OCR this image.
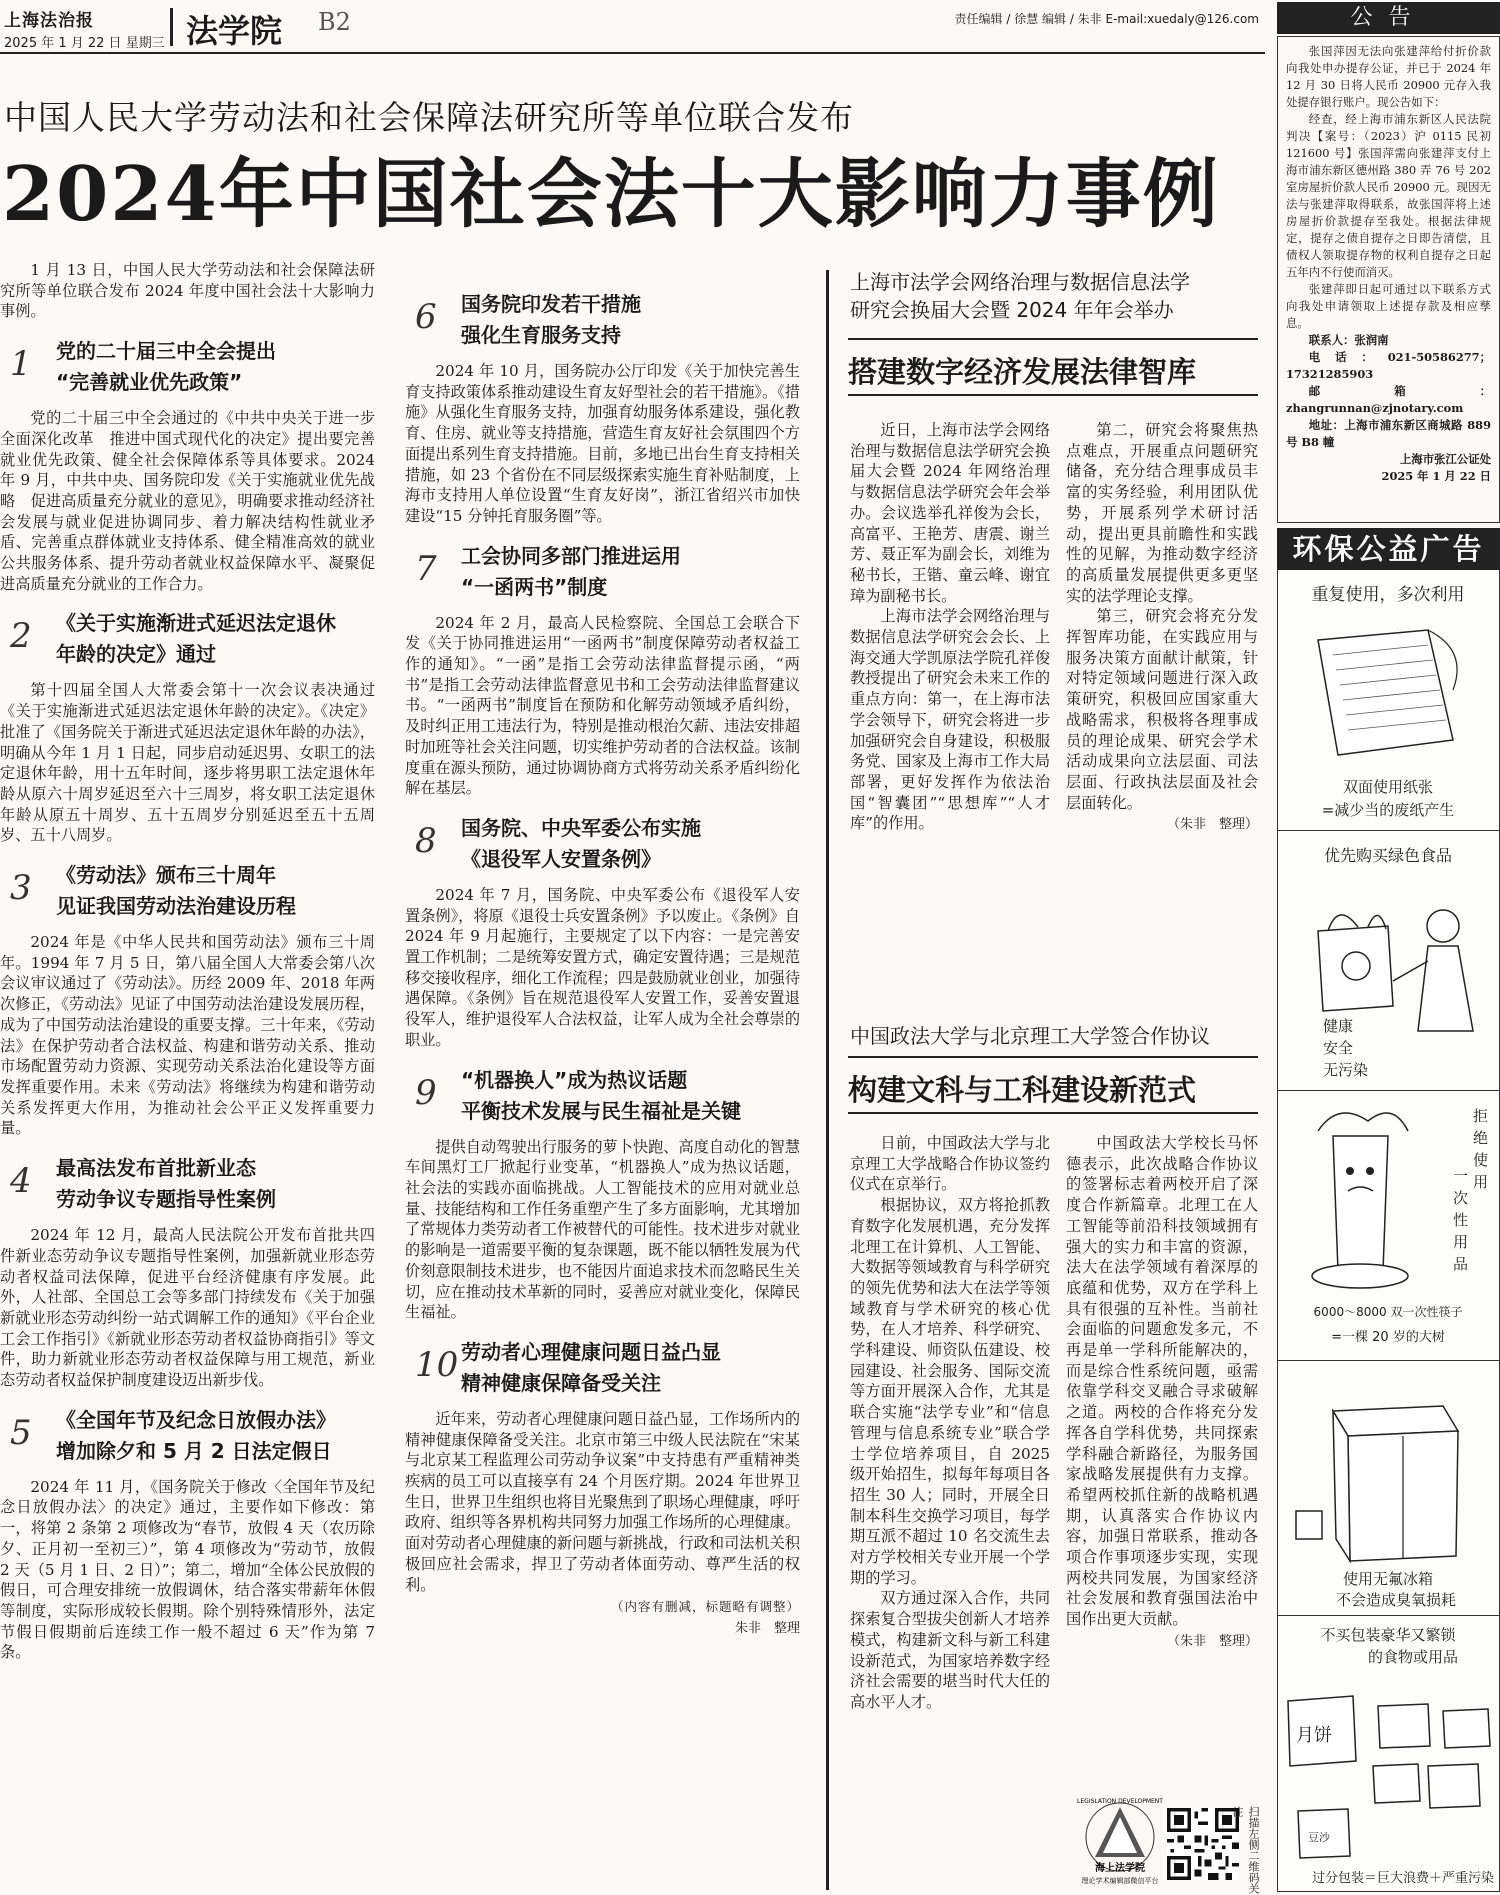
上海法治报
2025 年 1 月 22 日 星期三 法学院 B2	责任编辑 / 徐慧 编辑 / 朱非 E-mail:xuedaly@126.com
中国人民大学劳动法和社会保障法研究所等单位联合发布
2024年中国社会法十大影响力事例

1 月 13 日，中国人民大学劳动法和社会保障法研究所等单位联合发布 2024 年度中国社会法十大影响力事例。

1	党的二十届三中全会提出
“完善就业优先政策”

党的二十届三中全会通过的《中共中央关于进一步全面深化改革　推进中国式现代化的决定》提出要完善就业优先政策、健全社会保障体系等具体要求。2024 年 9 月，中共中央、国务院印发《关于实施就业优先战略　促进高质量充分就业的意见》，明确要求推动经济社会发展与就业促进协调同步、着力解决结构性就业矛盾、完善重点群体就业支持体系、健全精准高效的就业公共服务体系、提升劳动者就业权益保障水平、凝聚促进高质量充分就业的工作合力。

2	《关于实施渐进式延迟法定退休
年龄的决定》通过

第十四届全国人大常委会第十一次会议表决通过《关于实施渐进式延迟法定退休年龄的决定》。《决定》批准了《国务院关于渐进式延迟法定退休年龄的办法》，明确从今年 1 月 1 日起，同步启动延迟男、女职工的法定退休年龄，用十五年时间，逐步将男职工法定退休年龄从原六十周岁延迟至六十三周岁，将女职工法定退休年龄从原五十周岁、五十五周岁分别延迟至五十五周岁、五十八周岁。

3	《劳动法》颁布三十周年
见证我国劳动法治建设历程

2024 年是《中华人民共和国劳动法》颁布三十周年。1994 年 7 月 5 日，第八届全国人大常委会第八次会议审议通过了《劳动法》。历经 2009 年、2018 年两次修正，《劳动法》见证了中国劳动法治建设发展历程，成为了中国劳动法治建设的重要支撑。三十年来，《劳动法》在保护劳动者合法权益、构建和谐劳动关系、推动市场配置劳动力资源、实现劳动关系法治化建设等方面发挥重要作用。未来《劳动法》将继续为构建和谐劳动关系发挥更大作用，为推动社会公平正义发挥重要力量。

4	最高法发布首批新业态
劳动争议专题指导性案例

2024 年 12 月，最高人民法院公开发布首批共四件新业态劳动争议专题指导性案例，加强新就业形态劳动者权益司法保障，促进平台经济健康有序发展。此外，人社部、全国总工会等多部门持续发布《关于加强新就业形态劳动纠纷一站式调解工作的通知》《平台企业工会工作指引》《新就业形态劳动者权益协商指引》等文件，助力新就业形态劳动者权益保障与用工规范，新业态劳动者权益保护制度建设迈出新步伐。

5	《全国年节及纪念日放假办法》
增加除夕和 5 月 2 日法定假日

2024 年 11 月，《国务院关于修改〈全国年节及纪念日放假办法〉的决定》通过，主要作如下修改：第一，将第 2 条第 2 项修改为“春节，放假 4 天（农历除夕、正月初一至初三）”，第 4 项修改为“劳动节，放假 2 天（5 月 1 日、2 日）”；第二，增加“全体公民放假的假日，可合理安排统一放假调休，结合落实带薪年休假等制度，实际形成较长假期。除个别特殊情形外，法定节假日假期前后连续工作一般不超过 6 天”作为第 7 条。

6	国务院印发若干措施
强化生育服务支持

2024 年 10 月，国务院办公厅印发《关于加快完善生育支持政策体系推动建设生育友好型社会的若干措施》。《措施》从强化生育服务支持，加强育幼服务体系建设，强化教育、住房、就业等支持措施，营造生育友好社会氛围四个方面提出系列生育支持措施。目前，多地已出台生育支持相关措施，如 23 个省份在不同层级探索实施生育补贴制度，上海市支持用人单位设置“生育友好岗”，浙江省绍兴市加快建设“15 分钟托育服务圈”等。

7	工会协同多部门推进运用
“一函两书”制度

2024 年 2 月，最高人民检察院、全国总工会联合下发《关于协同推进运用“一函两书”制度保障劳动者权益工作的通知》。“一函”是指工会劳动法律监督提示函，“两书”是指工会劳动法律监督意见书和工会劳动法律监督建议书。“一函两书”制度旨在预防和化解劳动领域矛盾纠纷，及时纠正用工违法行为，特别是推动根治欠薪、违法安排超时加班等社会关注问题，切实维护劳动者的合法权益。该制度重在源头预防，通过协调协商方式将劳动关系矛盾纠纷化解在基层。

8	国务院、中央军委公布实施
《退役军人安置条例》

2024 年 7 月，国务院、中央军委公布《退役军人安置条例》，将原《退役士兵安置条例》予以废止。《条例》自 2024 年 9 月起施行，主要规定了以下内容：一是完善安置工作机制；二是统筹安置方式，确定安置待遇；三是规范移交接收程序，细化工作流程；四是鼓励就业创业，加强待遇保障。《条例》旨在规范退役军人安置工作，妥善安置退役军人，维护退役军人合法权益，让军人成为全社会尊崇的职业。

9	“机器换人”成为热议话题
平衡技术发展与民生福祉是关键

提供自动驾驶出行服务的萝卜快跑、高度自动化的智慧车间黑灯工厂掀起行业变革，“机器换人”成为热议话题，社会法的实践亦面临挑战。人工智能技术的应用对就业总量、技能结构和工作任务重塑产生了多方面影响，尤其增加了常规体力类劳动者工作被替代的可能性。技术进步对就业的影响是一道需要平衡的复杂课题，既不能以牺牲发展为代价刻意限制技术进步，也不能因片面追求技术而忽略民生关切，应在推动技术革新的同时，妥善应对就业变化，保障民生福祉。

10 劳动者心理健康问题日益凸显
精神健康保障备受关注

近年来，劳动者心理健康问题日益凸显，工作场所内的精神健康保障备受关注。北京市第三中级人民法院在“宋某与北京某工程监理公司劳动争议案”中支持患有严重精神类疾病的员工可以直接享有 24 个月医疗期。2024 年世界卫生日，世界卫生组织也将目光聚焦到了职场心理健康，呼吁政府、组织等各界机构共同努力加强工作场所的心理健康。面对劳动者心理健康的新问题与新挑战，行政和司法机关积极回应社会需求，捍卫了劳动者体面劳动、尊严生活的权利。

（内容有删减，标题略有调整）
朱非　整理
上海市法学会网络治理与数据信息法学
研究会换届大会暨 2024 年年会举办
搭建数字经济发展法律智库

近日，上海市法学会网络治理与数据信息法学研究会换届大会暨 2024 年网络治理与数据信息法学研究会年会举办。会议选举孔祥俊为会长，高富平、王艳芳、唐震、谢兰芳、聂正军为副会长，刘维为秘书长，王锴、童云峰、谢宜璋为副秘书长。

上海市法学会网络治理与数据信息法学研究会会长、上海交通大学凯原法学院孔祥俊教授提出了研究会未来工作的重点方向：第一，在上海市法学会领导下，研究会将进一步加强研究会自身建设，积极服务党、国家及上海市工作大局部署，更好发挥作为依法治国“智囊团”“思想库”“人才库”的作用。

第二，研究会将聚焦热点难点，开展重点问题研究储备，充分结合理事成员丰富的实务经验，利用团队优势，开展系列学术研讨活动，提出更具前瞻性和实践性的见解，为推动数字经济的高质量发展提供更多更坚实的法学理论支撑。

第三，研究会将充分发挥智库功能，在实践应用与服务决策方面献计献策，针对特定领域问题进行深入政策研究，积极回应国家重大战略需求，积极将各理事成员的理论成果、研究会学术活动成果向立法层面、司法层面、行政执法层面及社会层面转化。

（朱非　整理）
中国政法大学与北京理工大学签合作协议
构建文科与工科建设新范式

日前，中国政法大学与北京理工大学战略合作协议签约仪式在京举行。

根据协议，双方将抢抓教育数字化发展机遇，充分发挥北理工在计算机、人工智能、大数据等领域教育与科学研究的领先优势和法大在法学等领域教育与学术研究的核心优势，在人才培养、科学研究、学科建设、师资队伍建设、校园建设、社会服务、国际交流等方面开展深入合作，尤其是联合实施“法学专业”和“信息管理与信息系统专业”联合学士学位培养项目，自 2025 级开始招生，拟每年每项目各招生 30 人；同时，开展全日制本科生交换学习项目，每学期互派不超过 10 名交流生去对方学校相关专业开展一个学期的学习。

双方通过深入合作，共同探索复合型拔尖创新人才培养模式，构建新文科与新工科建设新范式，为国家培养数字经济社会需要的堪当时代大任的高水平人才。

中国政法大学校长马怀德表示，此次战略合作协议的签署标志着两校开启了深度合作新篇章。北理工在人工智能等前沿科技领域拥有强大的实力和丰富的资源，法大在法学领域有着深厚的底蕴和优势，双方在学科上具有很强的互补性。当前社会面临的问题愈发多元，不再是单一学科所能解决的，而是综合性系统问题，亟需依靠学科交叉融合寻求破解之道。两校的合作将充分发挥各自学科优势，共同探索学科融合新路径，为服务国家战略发展提供有力支撑。希望两校抓住新的战略机遇期，认真落实合作协议内容，加强日常联系，推动各项合作事项逐步实现，实现两校共同发展，为国家经济社会发展和教育强国法治中国作出更大贡献。

（朱非　整理）
海上法学院
理论学术编辑部微信平台
LEGISLATION DEVELOPMENT
扫描左侧二维码关注
公告

张国萍因无法向张建萍给付折价款向我处申办提存公证，并已于 2024 年 12 月 30 日将人民币 20900 元存入我处提存银行账户。现公告如下：

经查，经上海市浦东新区人民法院判决【案号：（2023）沪 0115 民初 121600 号】张国萍需向张建萍支付上海市浦东新区德州路 380 弄 76 号 202 室房屋折价款人民币 20900 元。现因无法与张建萍取得联系，故张国萍将上述房屋折价款提存至我处。根据法律规定，提存之债自提存之日即告清偿，且债权人领取提存物的权利自提存之日起五年内不行使而消灭。

张建萍即日起可通过以下联系方式向我处申请领取上述提存款及相应孳息。

联系人：张润南

电话：021-50586277；17321285903

邮箱：zhangrunnan@zjnotary.com

地址：上海市浦东新区商城路 889 号 B8 幢

上海市张江公证处

2025 年 1 月 22 日

环保公益广告
重复使用，多次利用
双面使用纸张
=减少当的废纸产生
优先购买绿色食品
健康
安全
无污染
拒绝使用一次性用品
6000～8000 双一次性筷子
=一棵 20 岁的大树
使用无氟冰箱
不会造成臭氧损耗
不买包装豪华又繁锁
的食物或用品
月饼
豆沙
过分包装＝巨大浪费＋严重污染
